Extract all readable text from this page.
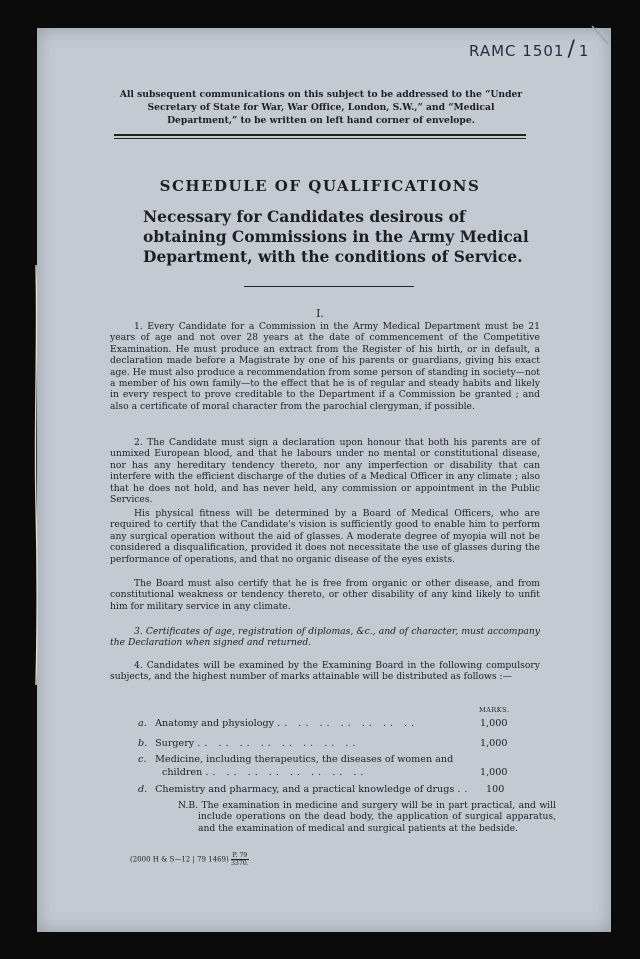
RAMC 1501 / 1
All subsequent communications on this subject to be addressed to the “Under Secretary of State for War, War Office, London, S.W.,” and “Medical Department,” to be written on left hand corner of envelope.
SCHEDULE OF QUALIFICATIONS
Necessary for Candidates desirous of obtaining Commissions in the Army Medical Department, with the conditions of Service.
I.
1. Every Candidate for a Commission in the Army Medical Department must be 21 years of age and not over 28 years at the date of commencement of the Competitive Examination. He must produce an extract from the Register of his birth, or in default, a declaration made before a Magistrate by one of his parents or guardians, giving his exact age. He must also produce a recommendation from some person of standing in society—not a member of his own family—to the effect that he is of regular and steady habits and likely in every respect to prove creditable to the Department if a Commission be granted ; and also a certificate of moral character from the parochial clergyman, if possible.
2. The Candidate must sign a declaration upon honour that both his parents are of unmixed European blood, and that he labours under no mental or constitutional disease, nor has any hereditary tendency thereto, nor any imperfection or disability that can interfere with the efficient discharge of the duties of a Medical Officer in any climate ; also that he does not hold, and has never held, any commission or appointment in the Public Services.
His physical fitness will be determined by a Board of Medical Officers, who are required to certify that the Candidate's vision is sufficiently good to enable him to perform any surgical operation without the aid of glasses. A moderate degree of myopia will not be considered a disqualification, provided it does not necessitate the use of glasses during the performance of operations, and that no organic disease of the eyes exists.
The Board must also certify that he is free from organic or other disease, and from constitutional weakness or tendency thereto, or other disability of any kind likely to unfit him for military service in any climate.
3. Certificates of age, registration of diplomas, &c., and of character, must accompany the Declaration when signed and returned.
4. Candidates will be examined by the Examining Board in the following compulsory subjects, and the highest number of marks attainable will be distributed as follows :—
MARKS.
a. Anatomy and physiology .. .. .. .. .. .. ..	1,000
b. Surgery .. .. .. .. .. .. .. ..	1,000
c. Medicine, including therapeutics, the diseases of women and
children .. .. .. .. .. .. .. ..	1,000
d. Chemistry and pharmacy, and a practical knowledge of drugs .. 100
N.B. The examination in medicine and surgery will be in part practical, and will include operations on the dead body, the application of surgical apparatus, and the examination of medical and surgical patients at the bedside.
(2000 H & S—12 | 79 $1469) \frac{P. 79}{3370.}$
